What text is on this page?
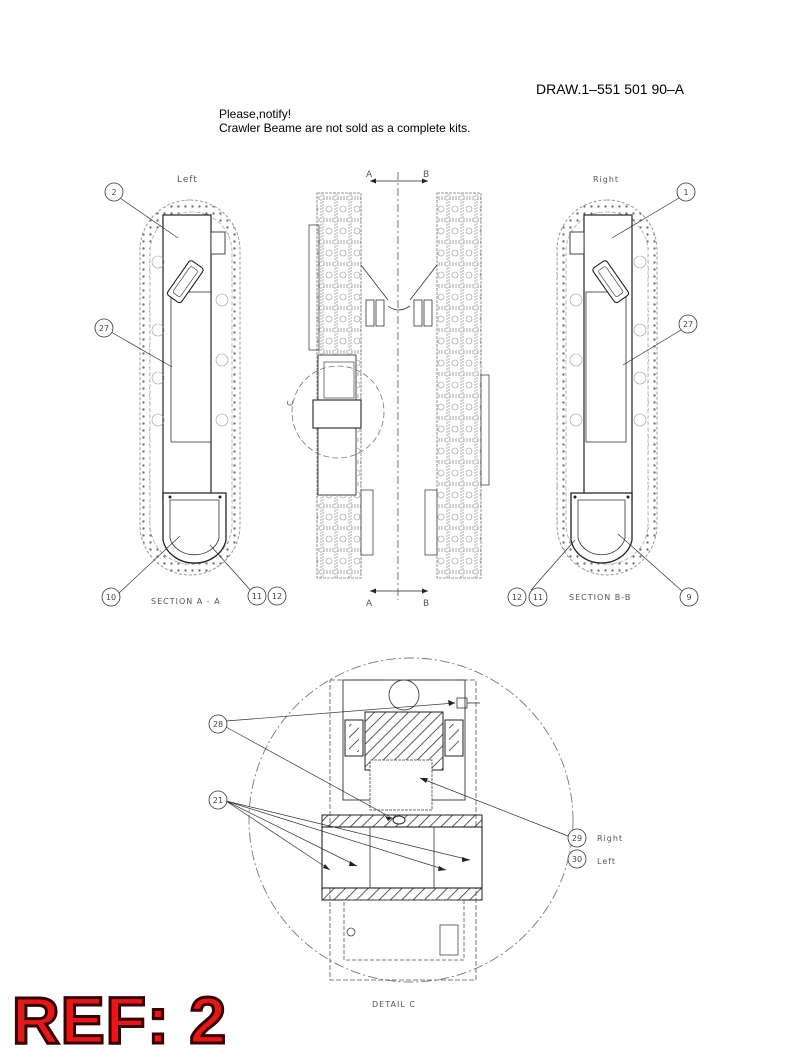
DRAW.1–551 501 90–A
Please,notify!
Crawler Beame are not sold as a complete kits.
Left	Right
A	B
C
A	B
SECTION A - A	SECTION B-B
2
27
10	11 12
1
27
9
12 11
DETAIL C
28
21
29
30
Right
Left
REF: 2
